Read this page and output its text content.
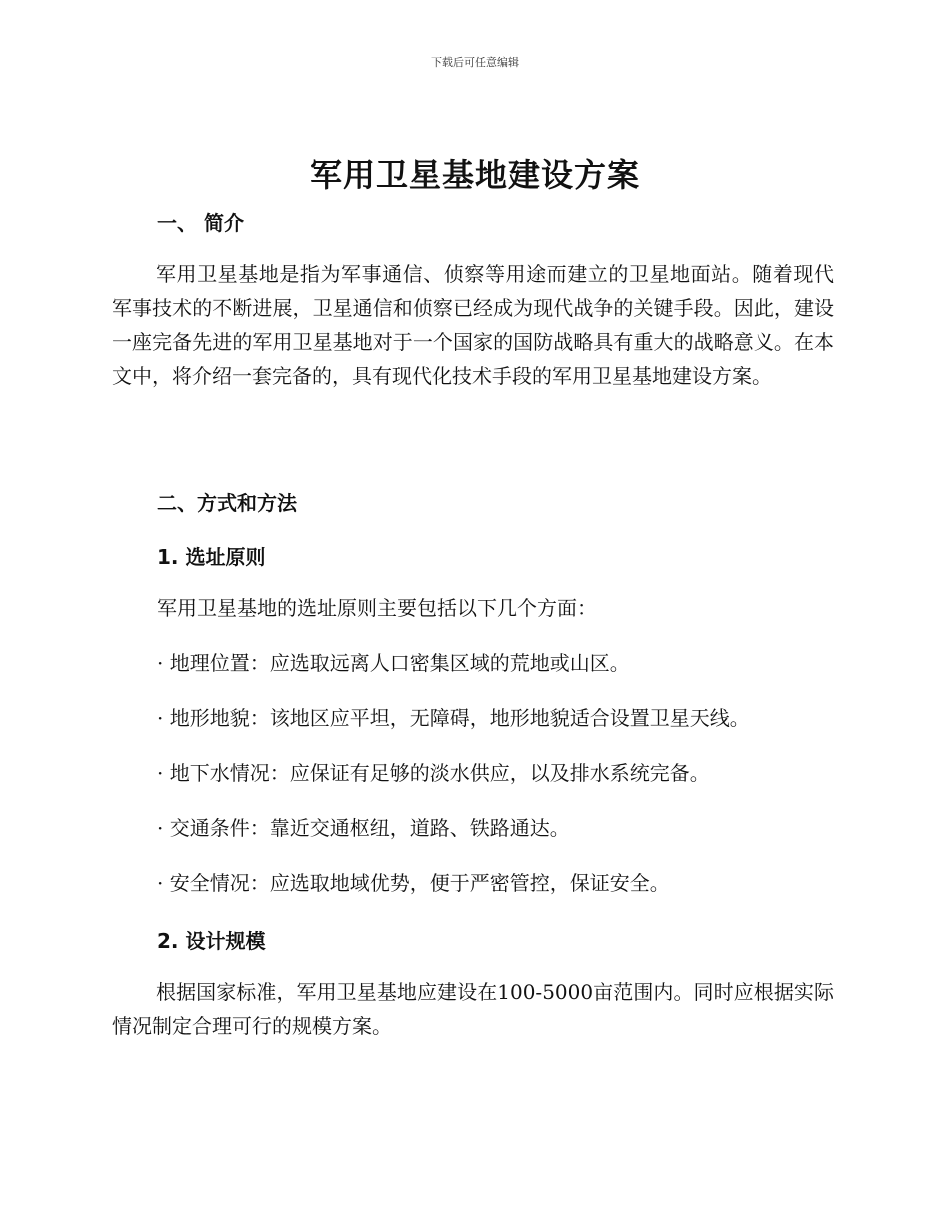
下载后可任意编辑
军用卫星基地建设方案
一、 简介

军用卫星基地是指为军事通信、侦察等用途而建立的卫星地面站。随着现代军事技术的不断进展，卫星通信和侦察已经成为现代战争的关键手段。因此，建设一座完备先进的军用卫星基地对于一个国家的国防战略具有重大的战略意义。在本文中，将介绍一套完备的，具有现代化技术手段的军用卫星基地建设方案。

二、方式和方法
1. 选址原则

军用卫星基地的选址原则主要包括以下几个方面：

· 地理位置：应选取远离人口密集区域的荒地或山区。

· 地形地貌：该地区应平坦，无障碍，地形地貌适合设置卫星天线。

· 地下水情况：应保证有足够的淡水供应，以及排水系统完备。

· 交通条件：靠近交通枢纽，道路、铁路通达。

· 安全情况：应选取地域优势，便于严密管控，保证安全。

2. 设计规模

根据国家标准，军用卫星基地应建设在100-5000亩范围内。同时应根据实际情况制定合理可行的规模方案。
